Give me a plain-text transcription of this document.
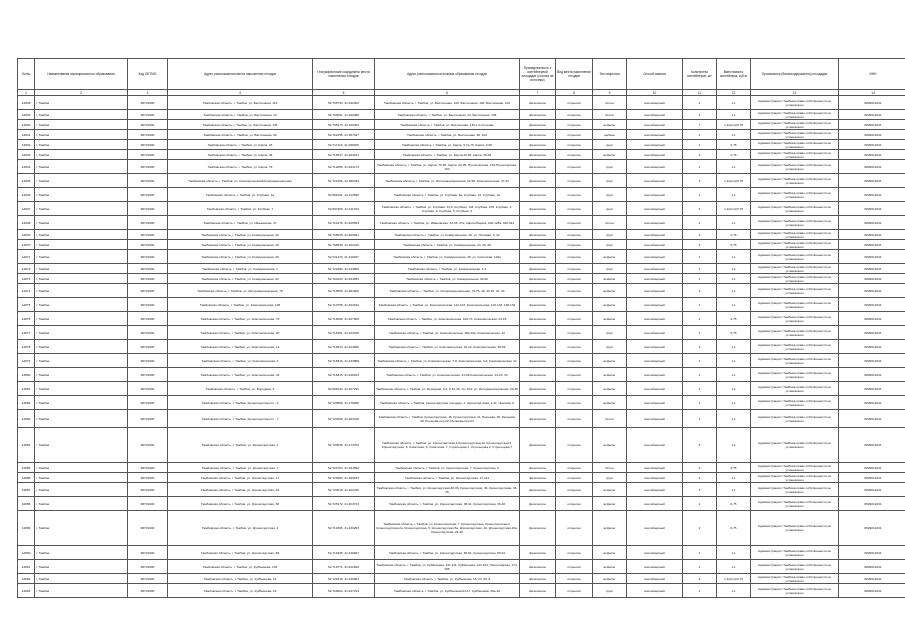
Лот№	Наименование муниципального образования	Код ОКТМО	Адрес расположения места накопления отходов	Географические координаты места накопления отходов	Адрес расположения источника образования отходов	Принадлежность к контейнерной площадке (ссылка на источник)	Вид места накопления отходов	Тип покрытия	Способ вывоза	Количество контейнеров, шт	Вместимость контейнера, куб.м	Организатор (балансодержатель) площадки	ИНН
1	2	3	4	5	6	7	8	9	10	11	12	13	14
14838	г. Тамбов	68701000	Тамбовская область, г. Тамбов, ул. Бастионная, 119	52.705743, 41.340302	Тамбовская область, г. Тамбов, ул. Бастионная, 109, Бастионная, 100, Бастионная, 120	физическое	открытая	бетон	контейнерный	4	1,1	Администрация г.Тамбова,право собственности не установлено	6829012231
14839	г. Тамбов	68701000	Тамбовская область, г. Тамбов, ул. Бастионная, 13	52.703051, 41.340488	Тамбовская область, г. Тамбов, ул. Бастионная, 13, Бастионная, 136	физическое	открытая	бетон	контейнерный	4	1,1	Администрация г.Тамбова,право собственности не установлено	6829012231
14840	г. Тамбов	68701000	Тамбовская область, г. Тамбов, ул. Бастионная, 136	52.705173, 41.340403	Тамбовская область, г. Тамбов, ул. Бастионная, 136 к.4,строение	физическое	открытая	асфальт	контейнерный	7	1,1(2шт)/0,75	Администрация г.Тамбова,право собственности не установлено	6829012231
14841	г. Тамбов	68701000	Тамбовская область, г. Тамбов, ул. Бастионная, 90	52.722255, 41.387347	Тамбовская область, г. Тамбов, ул. Бастионная, 90, 100	физическое	открытая	щебень	контейнерный	4	1,1	Администрация г.Тамбова,право собственности не установлено	6829012231
14842	г. Тамбов	68701000	Тамбовская область, г. Тамбов, ул. Карла, 15	52.717113, 41.480406	Тамбовская область, г. Тамбов, ул. Карла, 5,7а,7б, Карла, 0-05	физическое	открытая	грунт	контейнерный	1	0,75	Администрация г.Тамбова,право собственности не установлено	6829012231
14843	г. Тамбов	68701000	Тамбовская область, г. Тамбов, ул. Карла, 46	52.716517, 41.483161	Тамбовская область, г. Тамбов, ул. Карла,42-45, Карла, 36-45	физическое	открытая	асфальт	контейнерный	2	0,75	Администрация г.Тамбова,право собственности не установлено	6829012231
14844	г. Тамбов	68701000	Тамбовская область, г. Тамбов, ул. Карла, 79	52.712895, 41.493174	Тамбовская область, г. Тамбов, ул. Карла, 76-96, Карла, 92-95, Пролетарская, 153,Пролетарская, 153	физическое	открытая	грунт	контейнерный	1	1,1	Администрация г.Тамбова,право собственности не установлено	6829012231
14845	г. Тамбов	68701000	Тамбовская область, г. Тамбов, ул. Комсомольская/Интернациональная	52.721306, 41.389433	Тамбовская область, г. Тамбов, ул. Интернациональная, 52-56, Комсомольская, 37-41	физическое	открытая	грунт	контейнерный	3	1,1(2шт)/0,75	Администрация г.Тамбова,право собственности не установлено	6829012231
14846	г. Тамбов	68701000	Тамбовская область, г. Тамбов, ул. Клубная, 1а	52.696161, 41.413592	Тамбовская область, г. Тамбов, ул. Клубная, 1а, Клубная, 1б, Клубная, 1в	физическое	открытая	грунт	контейнерный	1	1,1	Администрация г.Тамбова,право собственности не установлено	6829012231
14847	г. Тамбов	68701000	Тамбовская область, г. Тамбов, ул. Клубная, 7	52.697466, 41.411764	Тамбовская область, г. Тамбов, ул. Клубная, 13-6, Клубная, 134, Клубная, 105, Клубная, 3, Клубная, 4, Клубная, 5, Клубная, 3	физическое	открытая	грунт	контейнерный	3	1,1(2шт)/0,75	Администрация г.Тамбова,право собственности не установлено	6829012231
14848	г. Тамбов	68701000	Тамбовская область, г. Тамбов, ул. Ивановская, 47	52.721976, 41.406553	Тамбовская область, г. Тамбов, ул. Ивановская, 33-35, 37а, Карла Маркса, 100-128а, 340-344	физическое	открытая	бетон	контейнерный	4	1,1	Администрация г.Тамбова,право собственности не установлено	6829012231
14849	г. Тамбов	68701000	Тамбовская область, г. Тамбов, ул. Коммунальная, 20	52.708535, 41.466091	Тамбовская область, г. Тамбов, ул. Коммунальная, 20, ул. Полевая, 3, 3а	физическое	открытая	грунт	контейнерный	2	0,75	Администрация г.Тамбова,право собственности не установлено	6829012231
14870	г. Тамбов	68701000	Тамбовская область, г. Тамбов, ул. Коммунальная, 28	52.708530, 41.462410	Тамбовская область, г. Тамбов, ул. Коммунальная, 24, 26, 28	физическое	открытая	грунт	контейнерный	2	0,75	Администрация г.Тамбова,право собственности не установлено	6829012231
14871	г. Тамбов	68701000	Тамбовская область, г. Тамбов, ул. Коммунальная, 46	52.721170, 41.420047	Тамбовская область, г. Тамбов, ул. Коммунальная, 46, ул. Советская, 129а	физическое	открытая	асфальт	контейнерный	1	1,1	Администрация г.Тамбова,право собственности не установлено	6829012231
14872	г. Тамбов	68701000	Тамбовская область, г. Тамбов, ул. Коммунальная, 1	52.722399, 41.443809	Тамбовская область, г. Тамбов, ул. Коммунальная, 1,3	физическое	открытая	грунт	контейнерный	1	1,1	Администрация г.Тамбова,право собственности не установлено	6829012231
14873	г. Тамбов	68701000	Тамбовская область, г. Тамбов, ул. Коммунальная, 92	52.720123, 41.454553	Тамбовская область, г. Тамбов, ул. Коммунальная, 92,90	физическое	открытая	асфальт	контейнерный	1	1,1	Администрация г.Тамбова,право собственности не установлено	6829012231
14874	г. Тамбов	68701000	Тамбовская область, г. Тамбов, ул. Интернациональная, 75	52.716655, 41.381600	Тамбовская область, г. Тамбов, ул. Интернациональная, 73-75, 40, 49 45, 41, 43	физическое	открытая	асфальт	контейнерный	2	1,1	Администрация г.Тамбова,право собственности не установлено	6829012231
14875	г. Тамбов	68701000	Тамбовская область, г. Тамбов, ул. Комсомольская, 106	52.710795, 41.402012	Тамбовская область, г. Тамбов, ул. Комсомольская, 112-103, Комсомольская, 119-133, 138-133	физическое	открытая	асфальт	контейнерный	1	1,1	Администрация г.Тамбова,право собственности не установлено	6829012231
14876	г. Тамбов	68701000	Тамбовская область, г. Тамбов, ул. Комсомольская, 70	52.716098, 41.407509	Тамбовская область, г. Тамбов, ул. Комсомольская, 100-74, Комсомольская, 23-18	физическое	открытая	асфальт	контейнерный	4	0,75	Администрация г.Тамбова,право собственности не установлено	6829012231
14877	г. Тамбов	68701000	Тамбовская область, г. Тамбов, ул. Комсомольская, 20	52.715451, 41.423318	Тамбовская область, г. Тамбов, ул. Комсомольская, 18а-20а, Комсомольская, 22	физическое	открытая	грунт	контейнерный	1	0,75	Администрация г.Тамбова,право собственности не установлено	6829012231
14878	г. Тамбов	68701000	Тамбовская область, г. Тамбов, ул. Комсомольская, 14	52.716813, 41.424990	Тамбовская область, г. Тамбов, ул. Комсомольская, 10-12, Комсомольская, 50-56	физическое	открытая	грунт	контейнерный	2	1,1	Администрация г.Тамбова,право собственности не установлено	6829012231
14879	г. Тамбов	68701000	Тамбовская область, г. Тамбов, ул. Комсомольская, 4	52.716816, 41.433868	Тамбовская область, г. Тамбов, ул. Комсомольская, 7-8, Комсомольская, 3-6, Комсомольская, 21	физическое	открытая	асфальт	контейнерный	1	1,1	Администрация г.Тамбова,право собственности не установлено	6829012231
14880	г. Тамбов	68701000	Тамбовская область, г. Тамбов, ул. Комсомольская, 43	52.716815, 41.438913	Тамбовская область, г. Тамбов, ул. Комсомольская, 41-69 Комсомольская, 14-23, 33	физическое	открытая	асфальт	контейнерный	2	1,1	Администрация г.Тамбова,право собственности не установлено	6829012231
14881	г. Тамбов	68701000	Тамбовская область, г. Тамбов, ул. Бородина, 2	52.698134, 41.407292	Тамбовская область, г. Тамбов, ул. Бородина, 3-4, 2-10,16, 7а, 3/11, ул. Интернациональная, 23-35	физическое	открытая	асфальт	контейнерный	4	1,1	Администрация г.Тамбова,право собственности не установлено	6829012231
14882	г. Тамбов	68701000	Тамбовская область, г. Тамбов, Кронштадтская пл., 2	52.720806, 41.478288	Тамбовская область, г. Тамбов, Кронштадтская площадь, 2, Кронштадтская, 1-11, Чкалова, 9	физическое	открытая	асфальт	контейнерный	4	1,1	Администрация г.Тамбова,право собственности не установлено	6829012231
14883	г. Тамбов	68701000	Тамбовская область, г. Тамбов, Кронштадтская пл., 7	52.720498, 41.483318	Тамбовская область, г. Тамбов, Кронштадтская, 15, Кронштадтская, 11, Рылеева, 36, Рылеева, 38, Рылеева-пер.22, Рылеева-пер.24	физическое	открытая	бетон	контейнерный	4	1,1	Администрация г.Тамбова,право собственности не установлено	6829012231
14884	г. Тамбов	68701000	Тамбовская область, г. Тамбов, ул. Кронштадтская, 1	52.720545, 41.473703	Тамбовская область, г. Тамбов, ул. Кронштадтская,1,Кронштадтская,1а, Кронштадтская,2, Кронштадтская, 6, Советская, 5, Советская, 7, Стрельцова,1, Стрельцова,2, Стрельцова,7	физическое	открытая	асфальт	контейнерный	5	1,1	Администрация г.Тамбова,право собственности не установлено	6829012231
14885	г. Тамбов	68701000	Тамбовская область, г. Тамбов, ул. Кронштадтская, 7	52.724754, 41.394592	Тамбовская область, г. Тамбов, ул. Кронштадтская, 7, Кронштадтская, 9	физическое	открытая	бетон	контейнерный	3	0,75	Администрация г.Тамбова,право собственности не установлено	6829012231
14886	г. Тамбов	68701000	Тамбовская область, г. Тамбов, ул. Кронштадтская, 17	52.723993, 41.399183	Тамбовская область, г. Тамбов, ул. Кронштадтская, 17-114	физическое	открытая	грунт	контейнерный	2	1,1	Администрация г.Тамбова,право собственности не установлено	6829012231
14887	г. Тамбов	68701000	Тамбовская область, г. Тамбов, ул. Кронштадтская, 32	52.720515, 41.402415	Тамбовская область, г. Тамбов, ул. Кронштадтская,28-36, Кронштадтская, 40, Кронштадтская, 33-35	физическое	открытая	асфальт	контейнерный	3	1,1	Администрация г.Тамбова,право собственности не установлено	6829012231
14888	г. Тамбов	68701000	Тамбовская область, г. Тамбов, ул. Кронштадтская, 38	52.725172, 41.403743	Тамбовская область, г. Тамбов, ул. Кронштадтская, 38-41, Кронштадтская, 36-40	физическое	открытая	асфальт	контейнерный	1	0,75	Администрация г.Тамбова,право собственности не установлено	6829012231
14889	г. Тамбов	68701000	Тамбовская область, г. Тамбов, ул. Кронштадтская, 4	52.719395, 41.430253	Тамбовская область, г. Тамбов, ул. Кронштадтская, 7, Кронштадтская, Кронштадтская,2, Кронштадтская,2а, Кронштадтская, 5, Кронштадтская,5а, Кронштадтская, 16, Кронштадтская,16а, Кронштадтская, 26-40	физическое	открытая	асфальт	контейнерный	2	0,75	Администрация г.Тамбова,право собственности не установлено	6829012231
14890	г. Тамбов	68701000	Тамбовская область, г. Тамбов, ул. Кронштадтская, 89	52.719435, 41.440827	Тамбовская область, г. Тамбов, ул. Кронштадтская, 83-91, Кронштадтская, 89-91	физическое	открытая	асфальт	контейнерный	1	1,1	Администрация г.Тамбова,право собственности не установлено	6829012231
14891	г. Тамбов	68701000	Тамбовская область, г. Тамбов, ул. Куйбышева, 136	52.719771, 41.422846	Тамбовская область, г. Тамбов, ул. Куйбышева, 131-111, Куйбышева, 134-154, Пролетарская, 274-285	физическое	открытая	асфальт	контейнерный	2	1,1	Администрация г.Тамбова,право собственности не установлено	6829012231
14892	г. Тамбов	68701000	Тамбовская область, г. Тамбов, ул. Куйбышева, 15	52.726419, 41.436963	Тамбовская область, г. Тамбов, ул. Куйбышева, 15, 23, 93, 8	физическое	открытая	асфальт	контейнерный	3	1,1(2шт)/0,75	Администрация г.Тамбова,право собственности не установлено	6829012231
14893	г. Тамбов	68701000	Тамбовская область, г. Тамбов, ул. Куйбышева, 16	52.726064, 41.437214	Тамбовская область, г. Тамбов, ул. Куйбышева,63-17, Куйбышева, 20а-10	физическое	открытая	грунт	контейнерный	1	1,1	Администрация г.Тамбова,право собственности не установлено	6829012231
